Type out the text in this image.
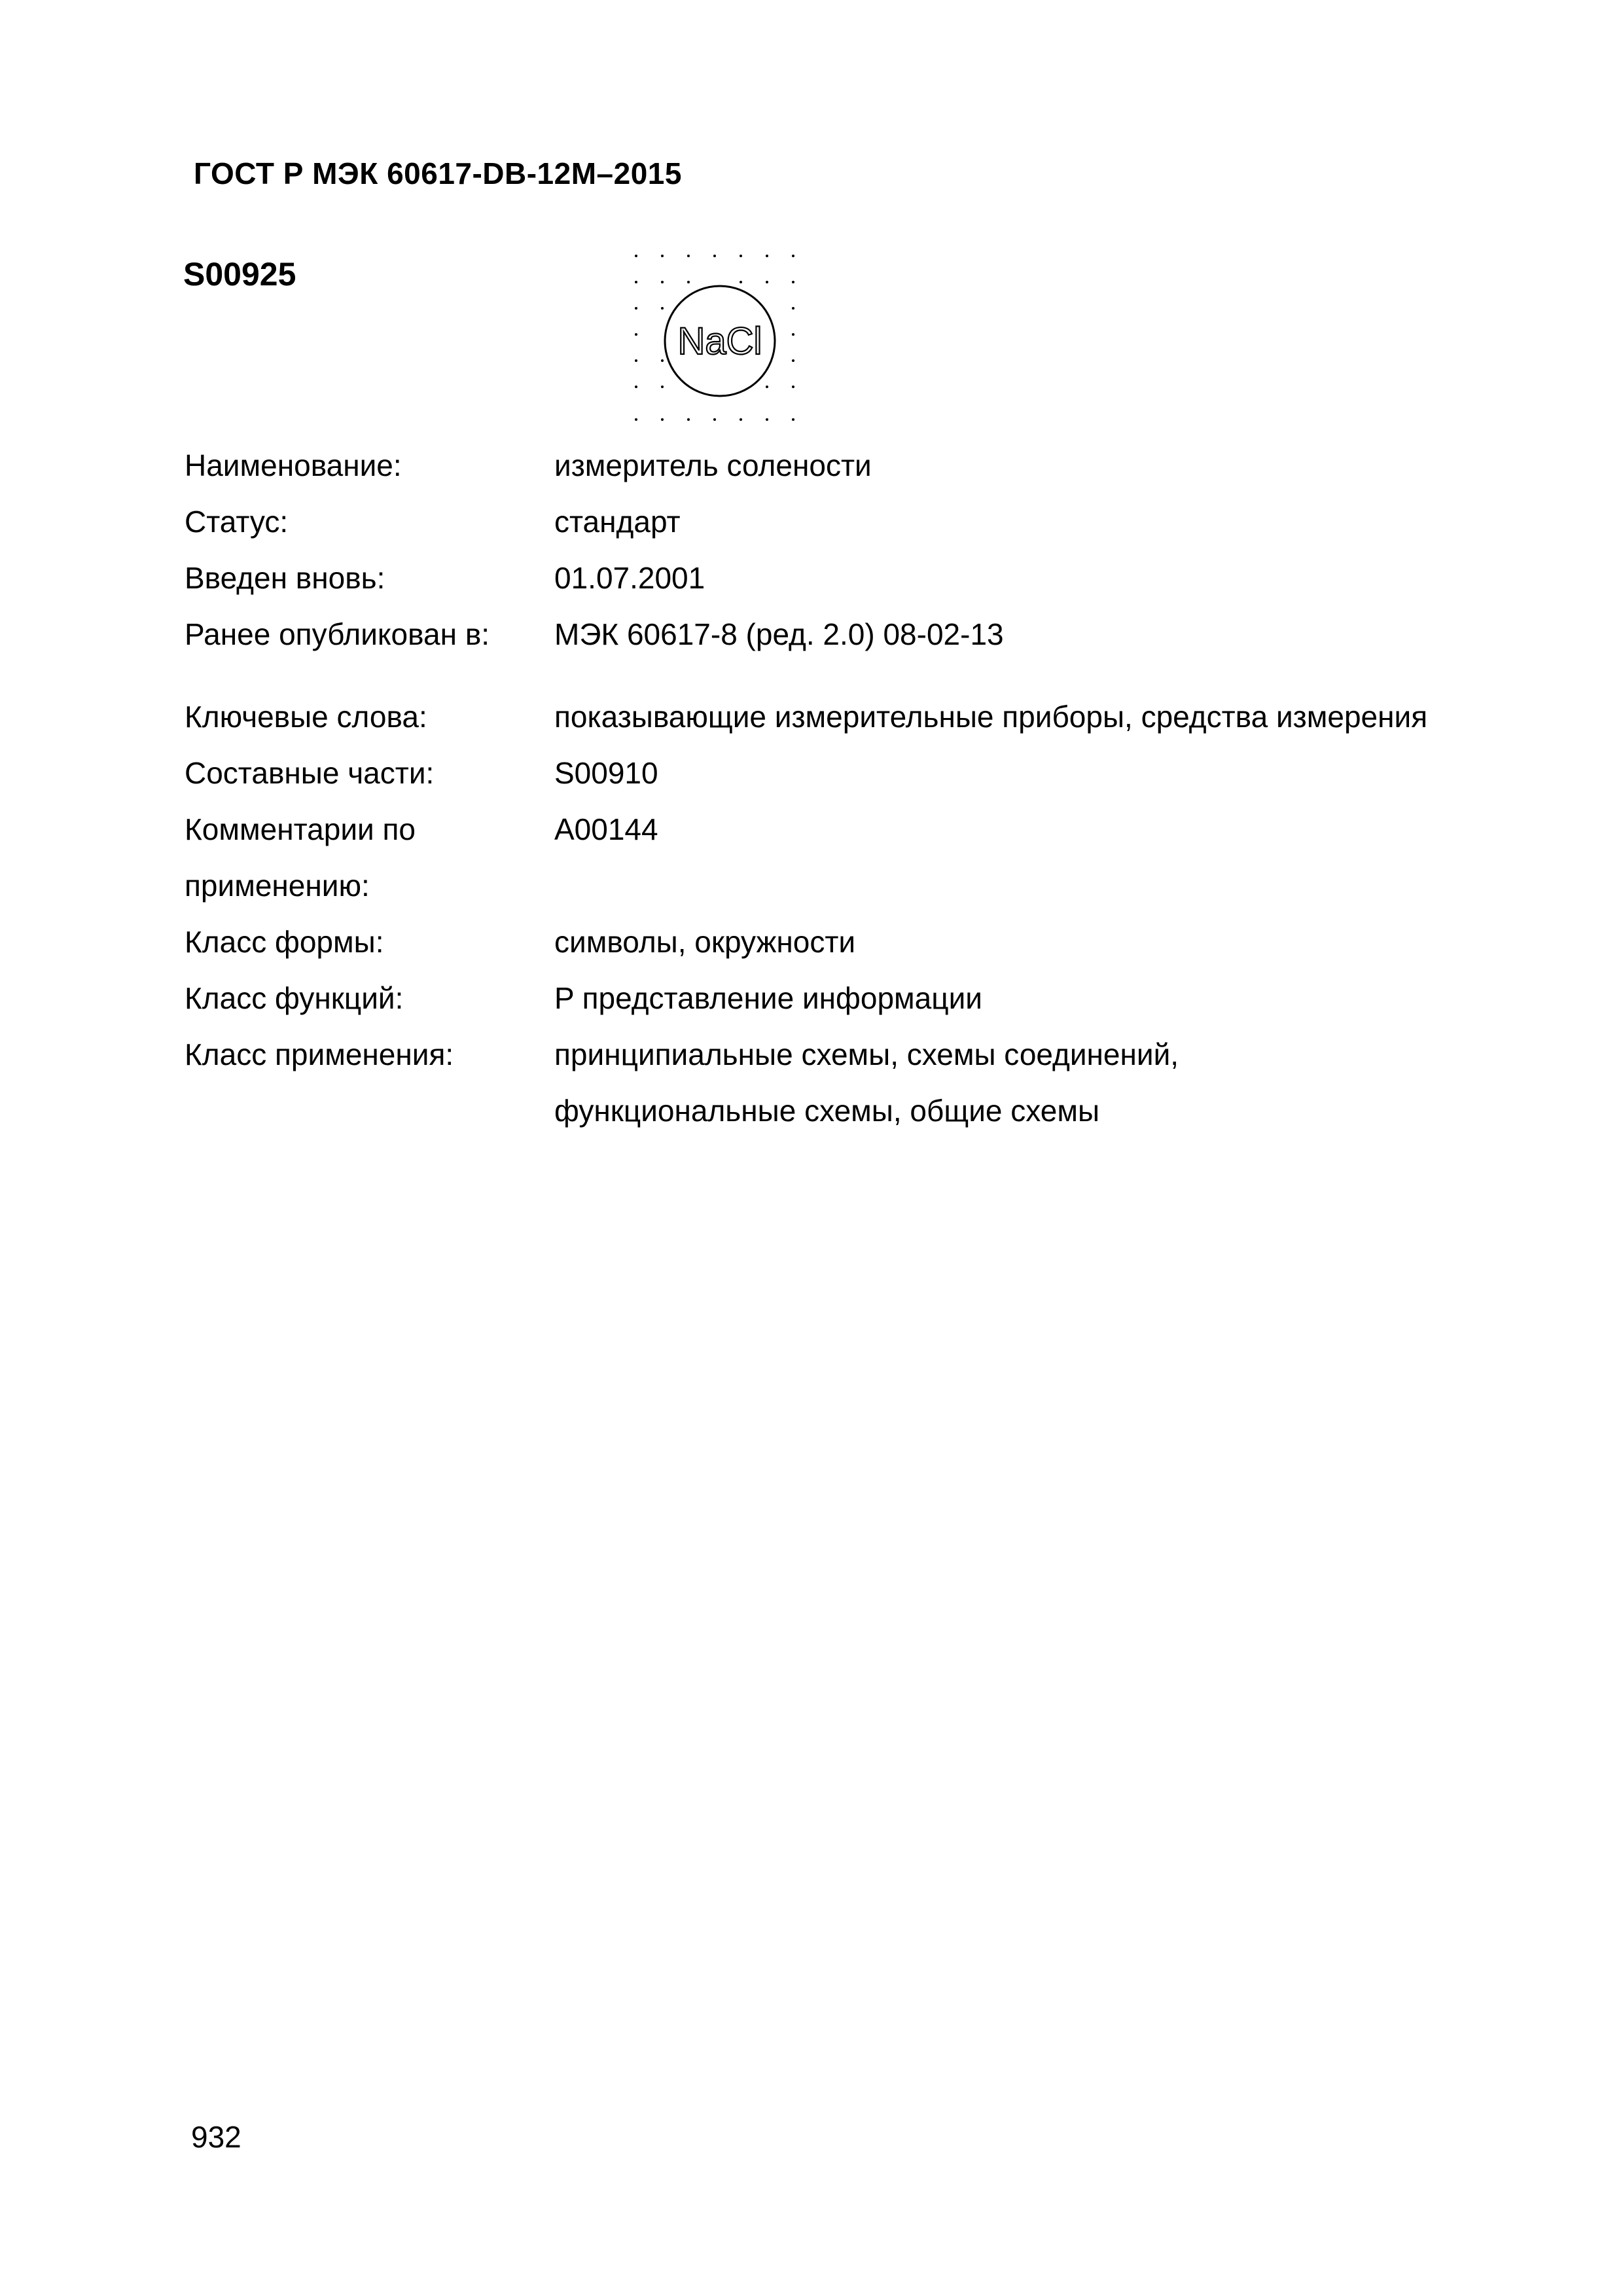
ГОСТ Р МЭК 60617-DB-12M–2015
S00925
NaCl
Наименование:	измеритель солености
Статус:	стандарт
Введен вновь:	01.07.2001
Ранее опубликован в:	МЭК 60617-8 (ред. 2.0) 08-02-13
Ключевые слова:	показывающие измерительные приборы, средства измерения
Составные части:	S00910
Комментарии по применению:
A00144
Класс формы:	символы, окружности
Класс функций:	P представление информации
Класс применения:	принципиальные схемы, схемы соединений, функциональные схемы, общие схемы
932
